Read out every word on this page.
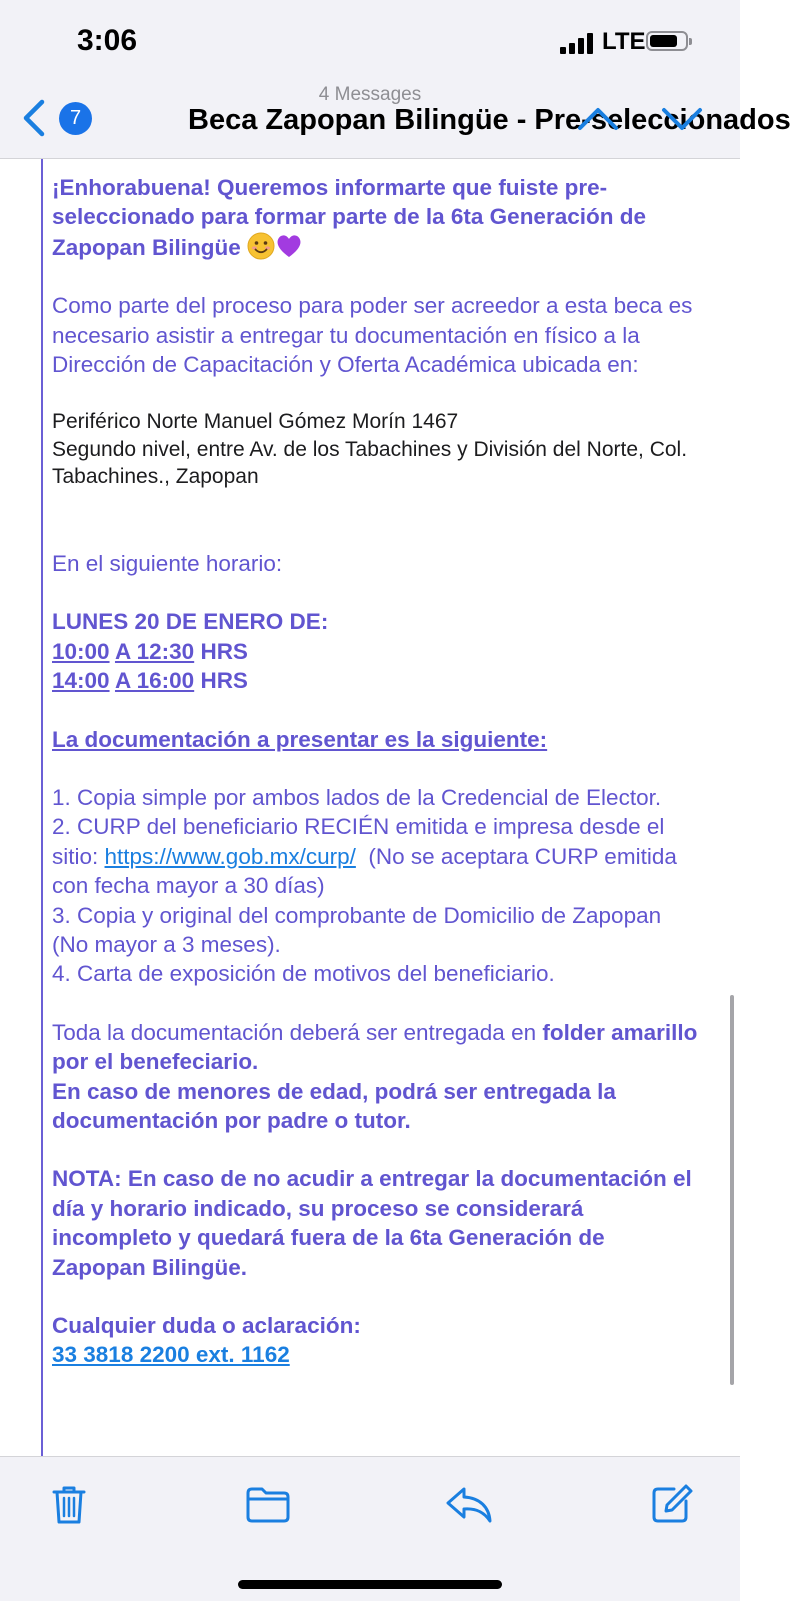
3:06	LTE
7
4 Messages
Beca Zapopan Bilingüe - Pre-seleccionados

¡Enhorabuena! Queremos informarte que fuiste pre-seleccionado para formar parte de la 6ta Generación de Zapopan Bilingüe

Como parte del proceso para poder ser acreedor a esta beca es necesario asistir a entregar tu documentación en físico a la Dirección de Capacitación y Oferta Académica ubicada en:

Periférico Norte Manuel Gómez Morín 1467

Segundo nivel, entre Av. de los Tabachines y División del Norte, Col. Tabachines., Zapopan

En el siguiente horario:

LUNES 20 DE ENERO DE:

10:00 A 12:30 HRS

14:00 A 16:00 HRS

La documentación a presentar es la siguiente:

1. Copia simple por ambos lados de la Credencial de Elector.

2. CURP del beneficiario RECIÉN emitida e impresa desde el sitio: https://www.gob.mx/curp/  (No se aceptara CURP emitida con fecha mayor a 30 días)

3. Copia y original del comprobante de Domicilio de Zapopan (No mayor a 3 meses).

4. Carta de exposición de motivos del beneficiario.

Toda la documentación deberá ser entregada en folder amarillo por el benefeciario.

En caso de menores de edad, podrá ser entregada la documentación por padre o tutor.

NOTA: En caso de no acudir a entregar la documentación el día y horario indicado, su proceso se considerará incompleto y quedará fuera de la 6ta Generación de Zapopan Bilingüe.

Cualquier duda o aclaración:

33 3818 2200 ext. 1162
